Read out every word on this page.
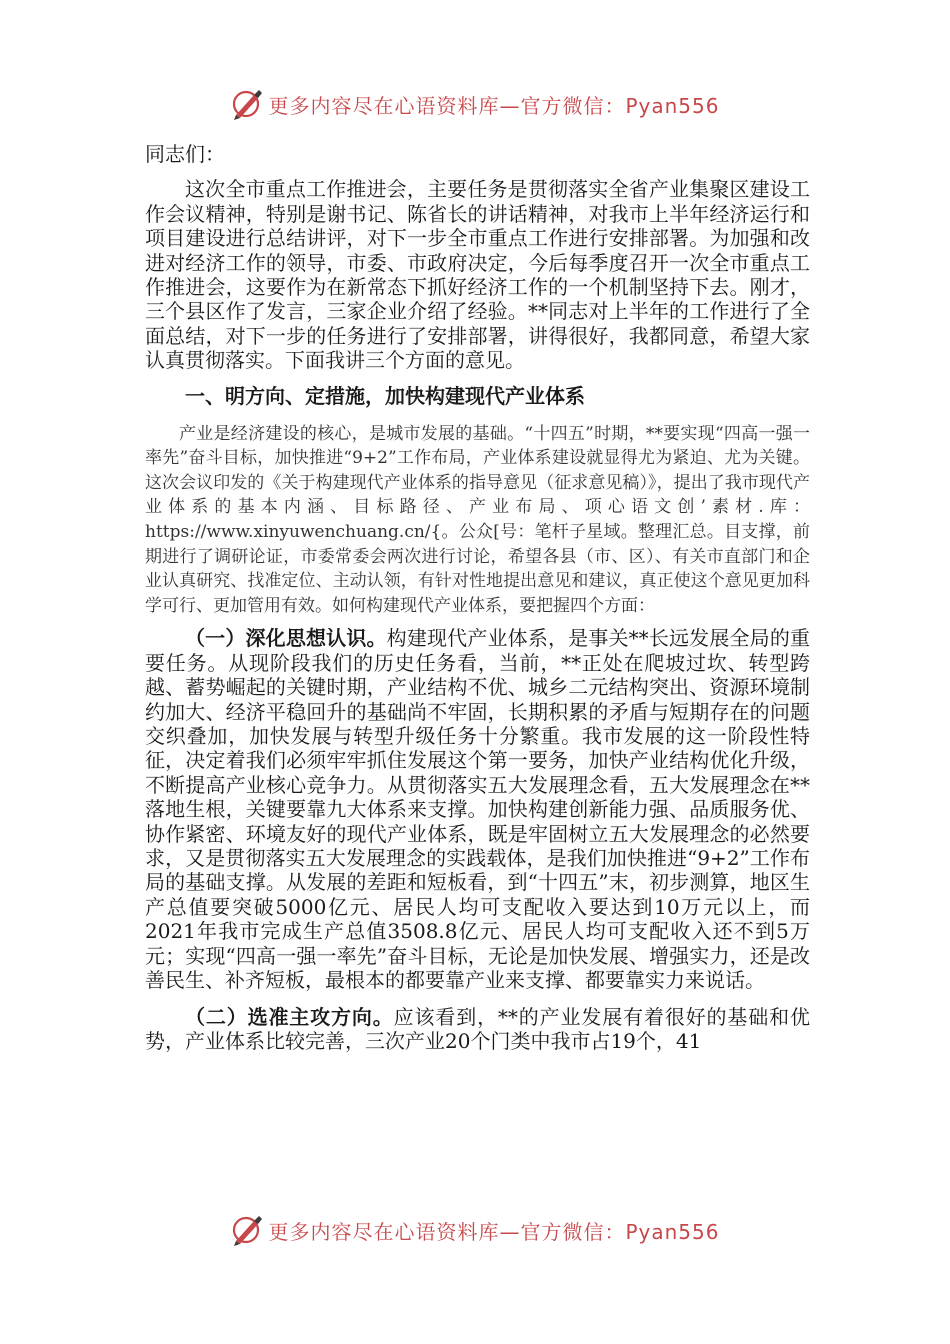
更多内容尽在心语资料库—官方微信：Pyan556

同志们：

这次全市重点工作推进会，主要任务是贯彻落实全省产业集聚区建设工作会议精神，特别是谢书记、陈省长的讲话精神，对我市上半年经济运行和项目建设进行总结讲评，对下一步全市重点工作进行安排部署。为加强和改进对经济工作的领导，市委、市政府决定，今后每季度召开一次全市重点工作推进会，这要作为在新常态下抓好经济工作的一个机制坚持下去。刚才，三个县区作了发言，三家企业介绍了经验。**同志对上半年的工作进行了全面总结，对下一步的任务进行了安排部署，讲得很好，我都同意，希望大家认真贯彻落实。下面我讲三个方面的意见。

一、明方向、定措施，加快构建现代产业体系

产业是经济建设的核心，是城市发展的基础。“十四五”时期，**要实现“四高一强一率先”奋斗目标，加快推进“9+2”工作布局，产业体系建设就显得尤为紧迫、尤为关键。这次会议印发的《关于构建现代产业体系的指导意见（征求意见稿）》，提出了我市现代产业体系的基本内涵、目标路径、产业布局、项心语文创’素材.库：https://www.xinyuwenchuang.cn/{。公众[号：笔杆子星域。整理汇总。目支撑，前期进行了调研论证，市委常委会两次进行讨论，希望各县（市、区）、有关市直部门和企业认真研究、找准定位、主动认领，有针对性地提出意见和建议，真正使这个意见更加科学可行、更加管用有效。如何构建现代产业体系，要把握四个方面：

（一）深化思想认识。构建现代产业体系，是事关**长远发展全局的重要任务。从现阶段我们的历史任务看，当前，**正处在爬坡过坎、转型跨越、蓄势崛起的关键时期，产业结构不优、城乡二元结构突出、资源环境制约加大、经济平稳回升的基础尚不牢固，长期积累的矛盾与短期存在的问题交织叠加，加快发展与转型升级任务十分繁重。我市发展的这一阶段性特征，决定着我们必须牢牢抓住发展这个第一要务，加快产业结构优化升级，不断提高产业核心竞争力。从贯彻落实五大发展理念看，五大发展理念在**落地生根，关键要靠九大体系来支撑。加快构建创新能力强、品质服务优、协作紧密、环境友好的现代产业体系，既是牢固树立五大发展理念的必然要求，又是贯彻落实五大发展理念的实践载体，是我们加快推进“9+2”工作布局的基础支撑。从发展的差距和短板看，到“十四五”末，初步测算，地区生产总值要突破5000亿元、居民人均可支配收入要达到10万元以上，而2021年我市完成生产总值3508.8亿元、居民人均可支配收入还不到5万元；实现“四高一强一率先”奋斗目标，无论是加快发展、增强实力，还是改善民生、补齐短板，最根本的都要靠产业来支撑、都要靠实力来说话。

（二）选准主攻方向。应该看到，**的产业发展有着很好的基础和优势，产业体系比较完善，三次产业20个门类中我市占19个，41

更多内容尽在心语资料库—官方微信：Pyan556
